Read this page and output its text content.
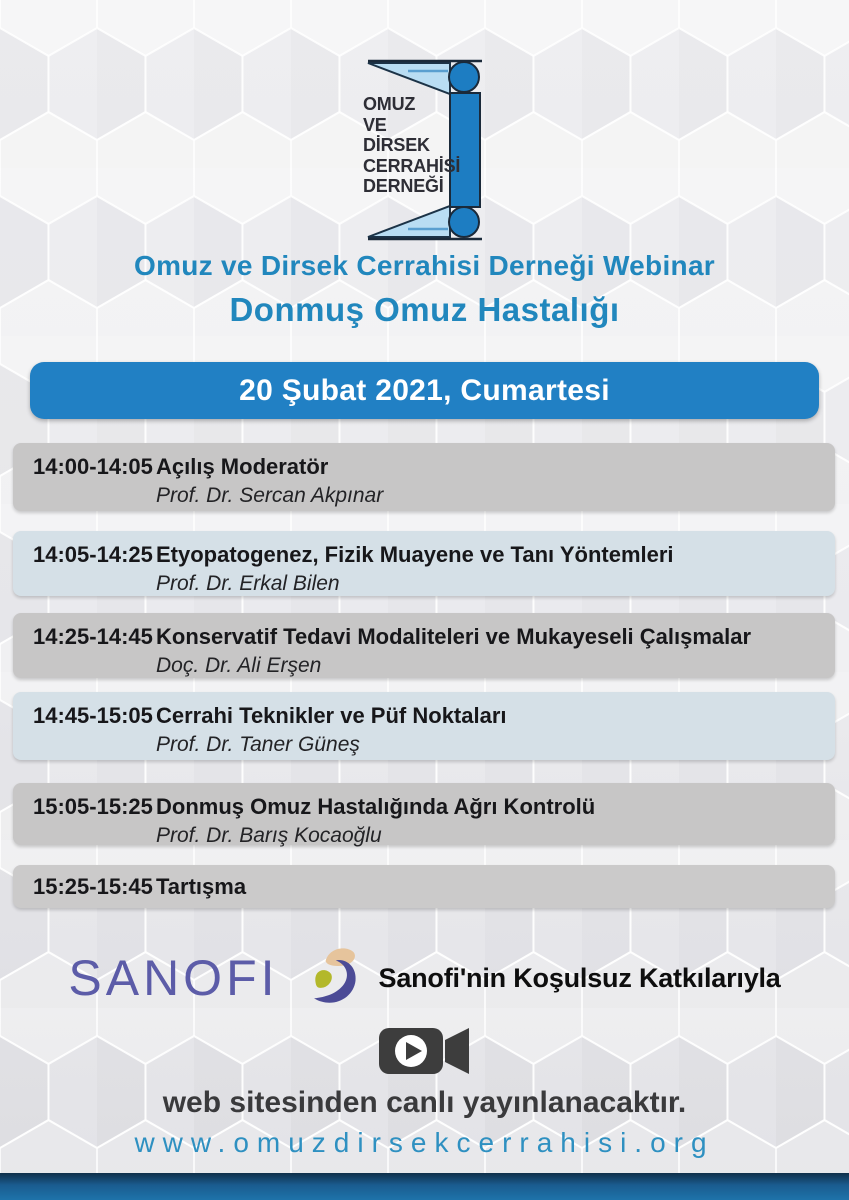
OMUZ
VE
DİRSEK
CERRAHİSİ
DERNEĞİ
Omuz ve Dirsek Cerrahisi Derneği Webinar
Donmuş Omuz Hastalığı
20 Şubat 2021, Cumartesi
14:00-14:05 Açılış Moderatör
Prof. Dr. Sercan Akpınar
14:05-14:25 Etyopatogenez, Fizik Muayene ve Tanı Yöntemleri
Prof. Dr. Erkal Bilen
14:25-14:45 Konservatif Tedavi Modaliteleri ve Mukayeseli Çalışmalar
Doç. Dr. Ali Erşen
14:45-15:05 Cerrahi Teknikler ve Püf Noktaları
Prof. Dr. Taner Güneş
15:05-15:25 Donmuş Omuz Hastalığında Ağrı Kontrolü
Prof. Dr. Barış Kocaoğlu
15:25-15:45 Tartışma
SANOFI	Sanofi'nin Koşulsuz Katkılarıyla
web sitesinden canlı yayınlanacaktır.
www.omuzdirsekcerrahisi.org
